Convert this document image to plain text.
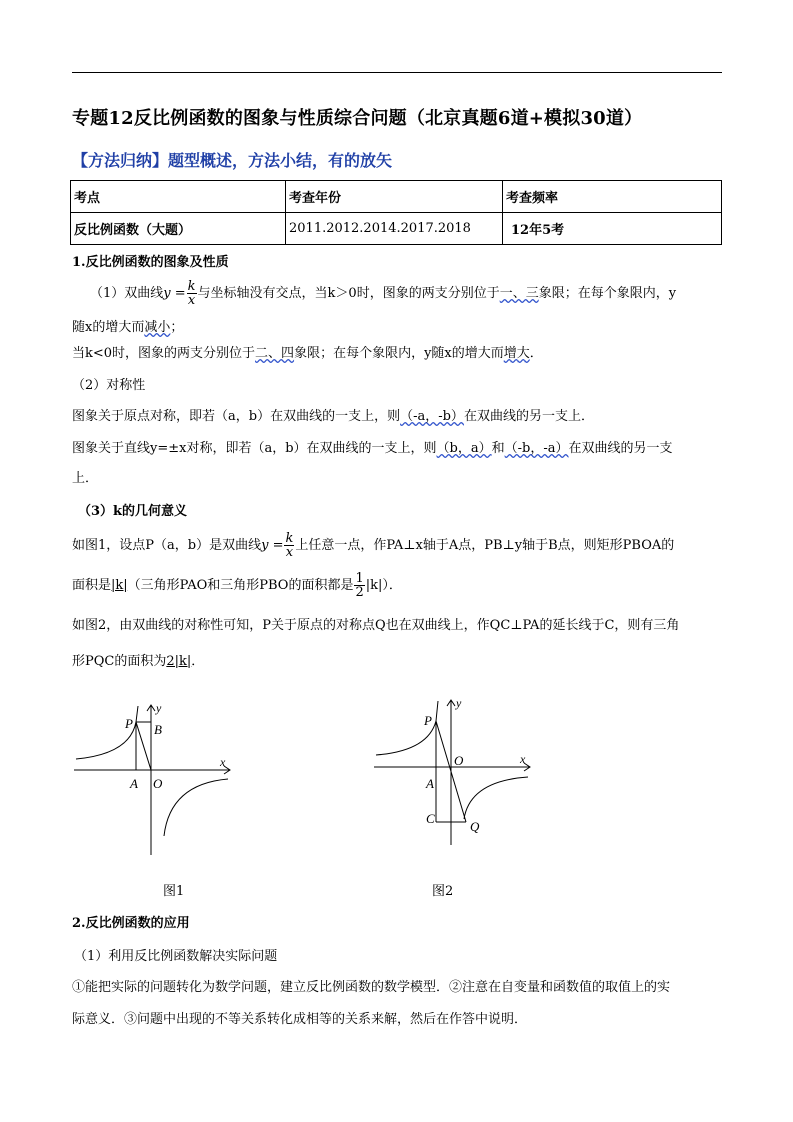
专题12反比例函数的图象与性质综合问题（北京真题6道+模拟30道）
【方法归纳】题型概述，方法小结，有的放矢
考点	考查年份	考查频率
反比例函数（大题）	2011.2012.2014.2017.2018	12年5考
1.反比例函数的图象及性质
（1）双曲线$y = \frac{k}{x}$ 与坐标轴没有交点，当k＞0时，图象的两支分别位于一、三象限；在每个象限内，y
随x的增大而减小；
当k<0时，图象的两支分别位于二、四象限；在每个象限内，y随x的增大而增大．
（2）对称性
图象关于原点对称，即若（a，b）在双曲线的一支上，则（-a，-b）在双曲线的另一支上．
图象关于直线y=±x对称，即若（a，b）在双曲线的一支上，则（b，a）和（-b，-a）在双曲线的另一支
上．
（3）k的几何意义
如图1，设点P（a，b）是双曲线$y = \frac{k}{x}$ 上任意一点，作PA⊥x轴于A点，PB⊥y轴于B点，则矩形PBOA的
面积是|k|（三角形PAO和三角形PBO的面积都是 $\frac{1}{2} |k|$）．
如图2，由双曲线的对称性可知，P关于原点的对称点Q也在双曲线上，作QC⊥PA的延长线于C，则有三角
形PQC的面积为2|k|．
P B
y
x
A O
图1
P
y
x
O
A
C
Q
图2
2.反比例函数的应用
（1）利用反比例函数解决实际问题
①能把实际的问题转化为数学问题，建立反比例函数的数学模型．②注意在自变量和函数值的取值上的实
际意义．③问题中出现的不等关系转化成相等的关系来解，然后在作答中说明．
